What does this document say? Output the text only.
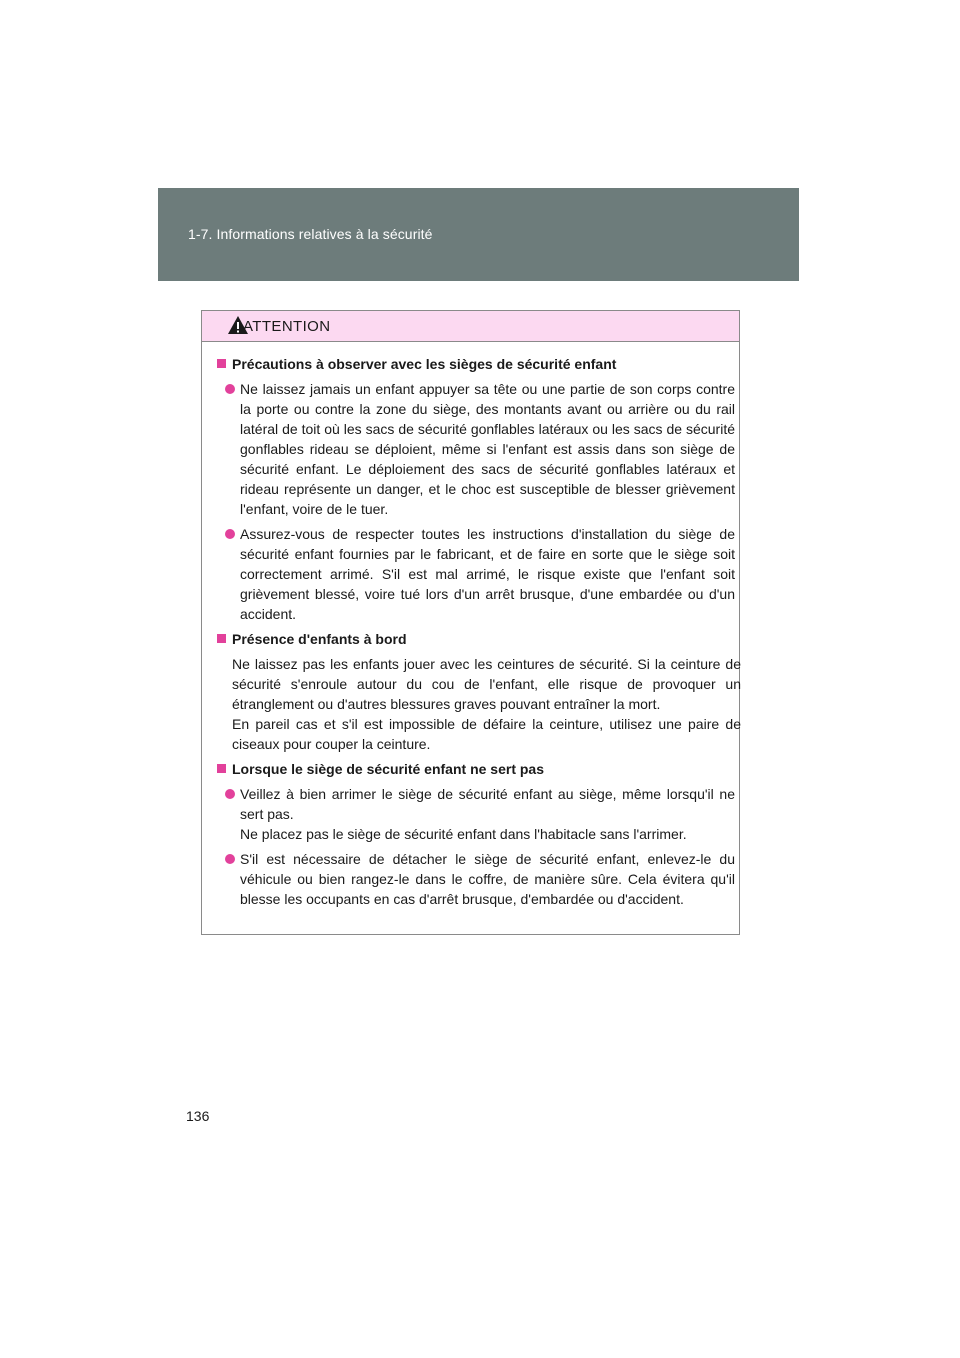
1-7. Informations relatives à la sécurité
ATTENTION
Précautions à observer avec les sièges de sécurité enfant
Ne laissez jamais un enfant appuyer sa tête ou une partie de son corps contre la porte ou contre la zone du siège, des montants avant ou arrière ou du rail latéral de toit où les sacs de sécurité gonflables latéraux ou les sacs de sécurité gonflables rideau se déploient, même si l'enfant est assis dans son siège de sécurité enfant. Le déploiement des sacs de sécurité gonflables latéraux et rideau représente un danger, et le choc est susceptible de blesser grièvement l'enfant, voire de le tuer.
Assurez-vous de respecter toutes les instructions d'installation du siège de sécurité enfant fournies par le fabricant, et de faire en sorte que le siège soit correctement arrimé. S'il est mal arrimé, le risque existe que l'enfant soit grièvement blessé, voire tué lors d'un arrêt brusque, d'une embardée ou d'un accident.
Présence d'enfants à bord
Ne laissez pas les enfants jouer avec les ceintures de sécurité. Si la ceinture de sécurité s'enroule autour du cou de l'enfant, elle risque de provoquer un étranglement ou d'autres blessures graves pouvant entraîner la mort.
En pareil cas et s'il est impossible de défaire la ceinture, utilisez une paire de ciseaux pour couper la ceinture.
Lorsque le siège de sécurité enfant ne sert pas
Veillez à bien arrimer le siège de sécurité enfant au siège, même lorsqu'il ne sert pas.
Ne placez pas le siège de sécurité enfant dans l'habitacle sans l'arrimer.
S'il est nécessaire de détacher le siège de sécurité enfant, enlevez-le du véhicule ou bien rangez-le dans le coffre, de manière sûre. Cela évitera qu'il blesse les occupants en cas d'arrêt brusque, d'embardée ou d'accident.
136
